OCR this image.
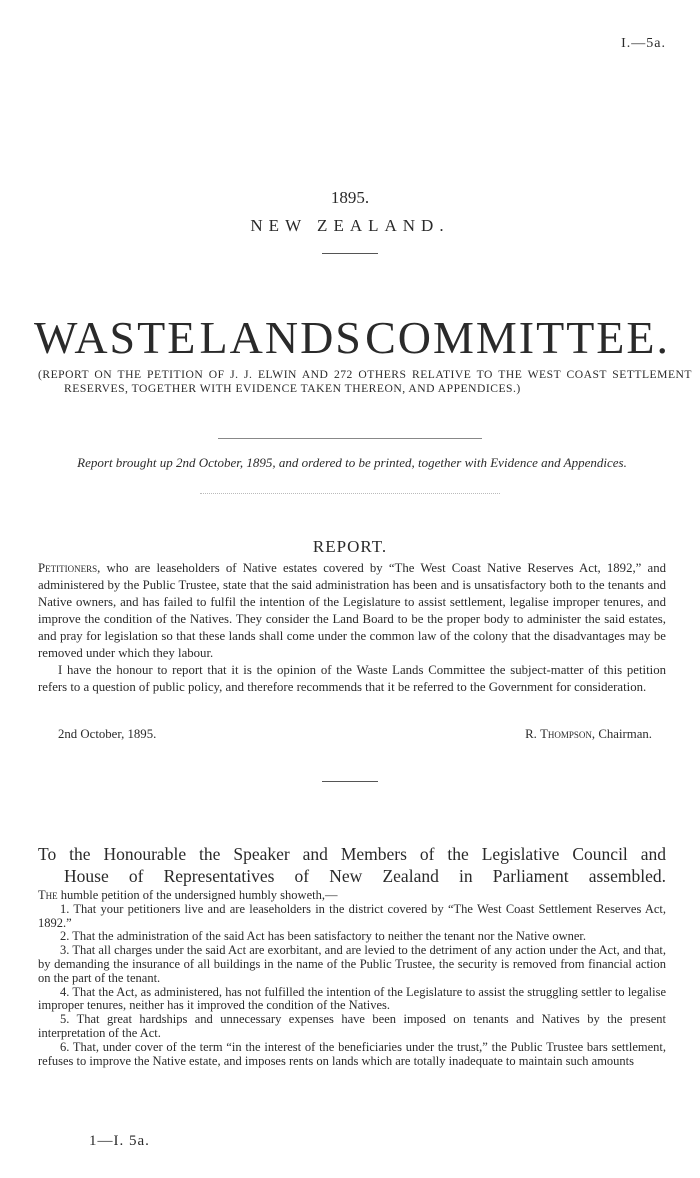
I.—5a.
1895.
NEW ZEALAND.
WASTE LANDS COMMITTEE.
(REPORT ON THE PETITION OF J. J. ELWIN AND 272 OTHERS RELATIVE TO THE WEST COAST SETTLEMENT RESERVES, TOGETHER WITH EVIDENCE TAKEN THEREON, AND APPENDICES.)
Report brought up 2nd October, 1895, and ordered to be printed, together with Evidence and Appendices.
REPORT.

Petitioners, who are leaseholders of Native estates covered by “The West Coast Native Reserves Act, 1892,” and administered by the Public Trustee, state that the said administration has been and is unsatisfactory both to the tenants and Native owners, and has failed to fulfil the intention of the Legislature to assist settlement, legalise improper tenures, and improve the condition of the Natives. They consider the Land Board to be the proper body to administer the said estates, and pray for legislation so that these lands shall come under the common law of the colony that the disadvantages may be removed under which they labour.

I have the honour to report that it is the opinion of the Waste Lands Committee the subject-matter of this petition refers to a question of public policy, and therefore recommends that it be referred to the Government for consideration.

2nd October, 1895.	R. Thompson, Chairman.
To the Honourable the Speaker and Members of the Legislative Council and
House of Representatives of New Zealand in Parliament assembled.

The humble petition of the undersigned humbly showeth,—

1. That your petitioners live and are leaseholders in the district covered by “The West Coast Settlement Reserves Act, 1892.”

2. That the administration of the said Act has been satisfactory to neither the tenant nor the Native owner.

3. That all charges under the said Act are exorbitant, and are levied to the detriment of any action under the Act, and that, by demanding the insurance of all buildings in the name of the Public Trustee, the security is removed from financial action on the part of the tenant.

4. That the Act, as administered, has not fulfilled the intention of the Legislature to assist the struggling settler to legalise improper tenures, neither has it improved the condition of the Natives.

5. That great hardships and unnecessary expenses have been imposed on tenants and Natives by the present interpretation of the Act.

6. That, under cover of the term “in the interest of the beneficiaries under the trust,” the Public Trustee bars settlement, refuses to improve the Native estate, and imposes rents on lands which are totally inadequate to maintain such amounts

1—I. 5a.
